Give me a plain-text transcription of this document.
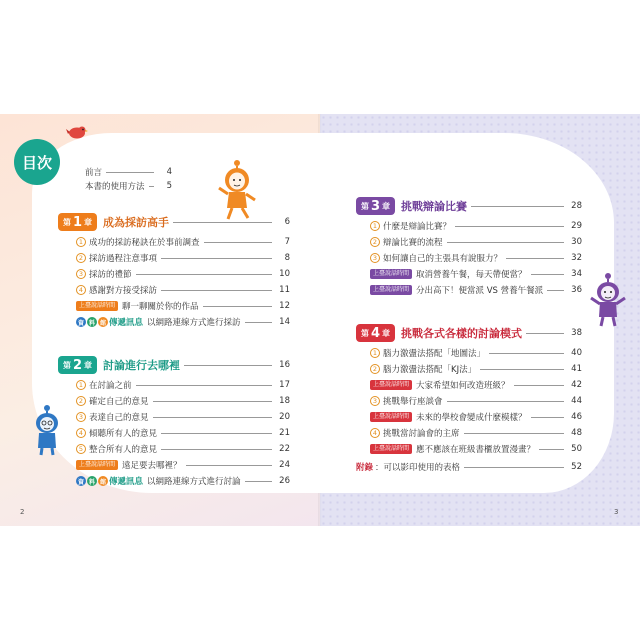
目次
前言	4
本書的使用方法	5
第 1 章 成為採訪高手	6
1 成功的採訪秘訣在於事前調查	7
2 採訪過程注意事項	8
3 採訪的禮節	10
4 感謝對方接受採訪	11
上臺說話時間 聊一聊關於你的作品	12
資 料 館 傳遞訊息 以網路連線方式進行採訪	14
第 2 章 討論進行去哪裡	16
1 在討論之前	17
2 確定自己的意見	18
3 表達自己的意見	20
4 傾聽所有人的意見	21
5 整合所有人的意見	22
上臺說話時間 遠足要去哪裡？	24
資 料 館 傳遞訊息 以網路連線方式進行討論	26
第 3 章 挑戰辯論比賽	28
1 什麼是辯論比賽？	29
2 辯論比賽的流程	30
3 如何讓自己的主張具有說服力？	32
上臺說話時間 取消營養午餐，每天帶便當？	34
上臺說話時間 分出高下！便當派 VS 營養午餐派	36
第 4 章 挑戰各式各樣的討論模式	38
1 腦力激盪法搭配「地圖法」	40
2 腦力激盪法搭配「KJ法」	41
上臺說話時間 大家希望如何改造班級？	42
3 挑戰舉行座談會	44
上臺說話時間 未來的學校會變成什麼模樣？	46
4 挑戰當討論會的主席	48
上臺說話時間 應不應該在班級書櫃放置漫畫？	50
附錄 ：可以影印使用的表格	52
2	3
